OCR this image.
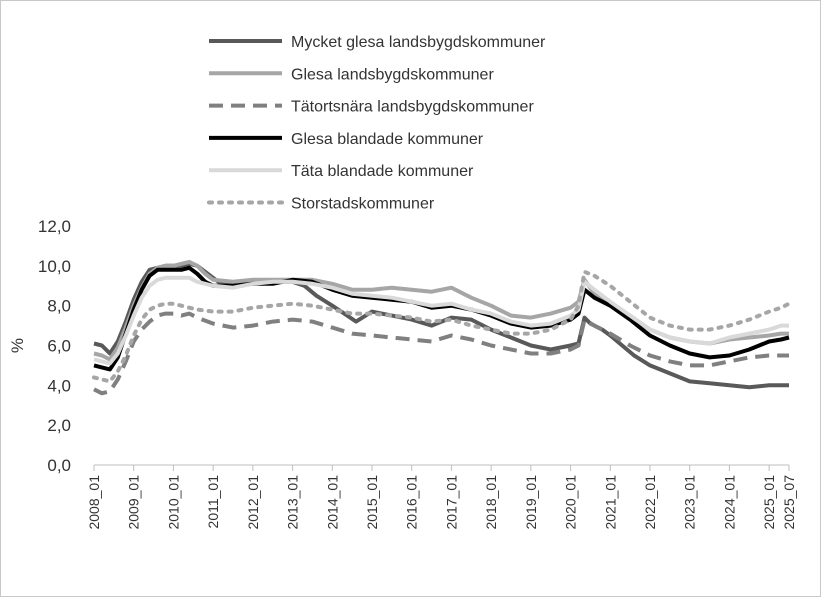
Mycket glesa landsbygdskommuner
Glesa landsbygdskommuner
Tätortsnära landsbygdskommuner
Glesa blandade kommuner
Täta blandade kommuner
Storstadskommuner
0,0
2,0
4,0
6,0
8,0
10,0
12,0
2008_01 2009_01 2010_01 2011_01 2012_01 2013_01 2014_01 2015_01 2016_01 2017_01 2018_01 2019_01 2020_01 2021_01 2022_01 2023_01 2024_01 2025_01 2025_07
%
